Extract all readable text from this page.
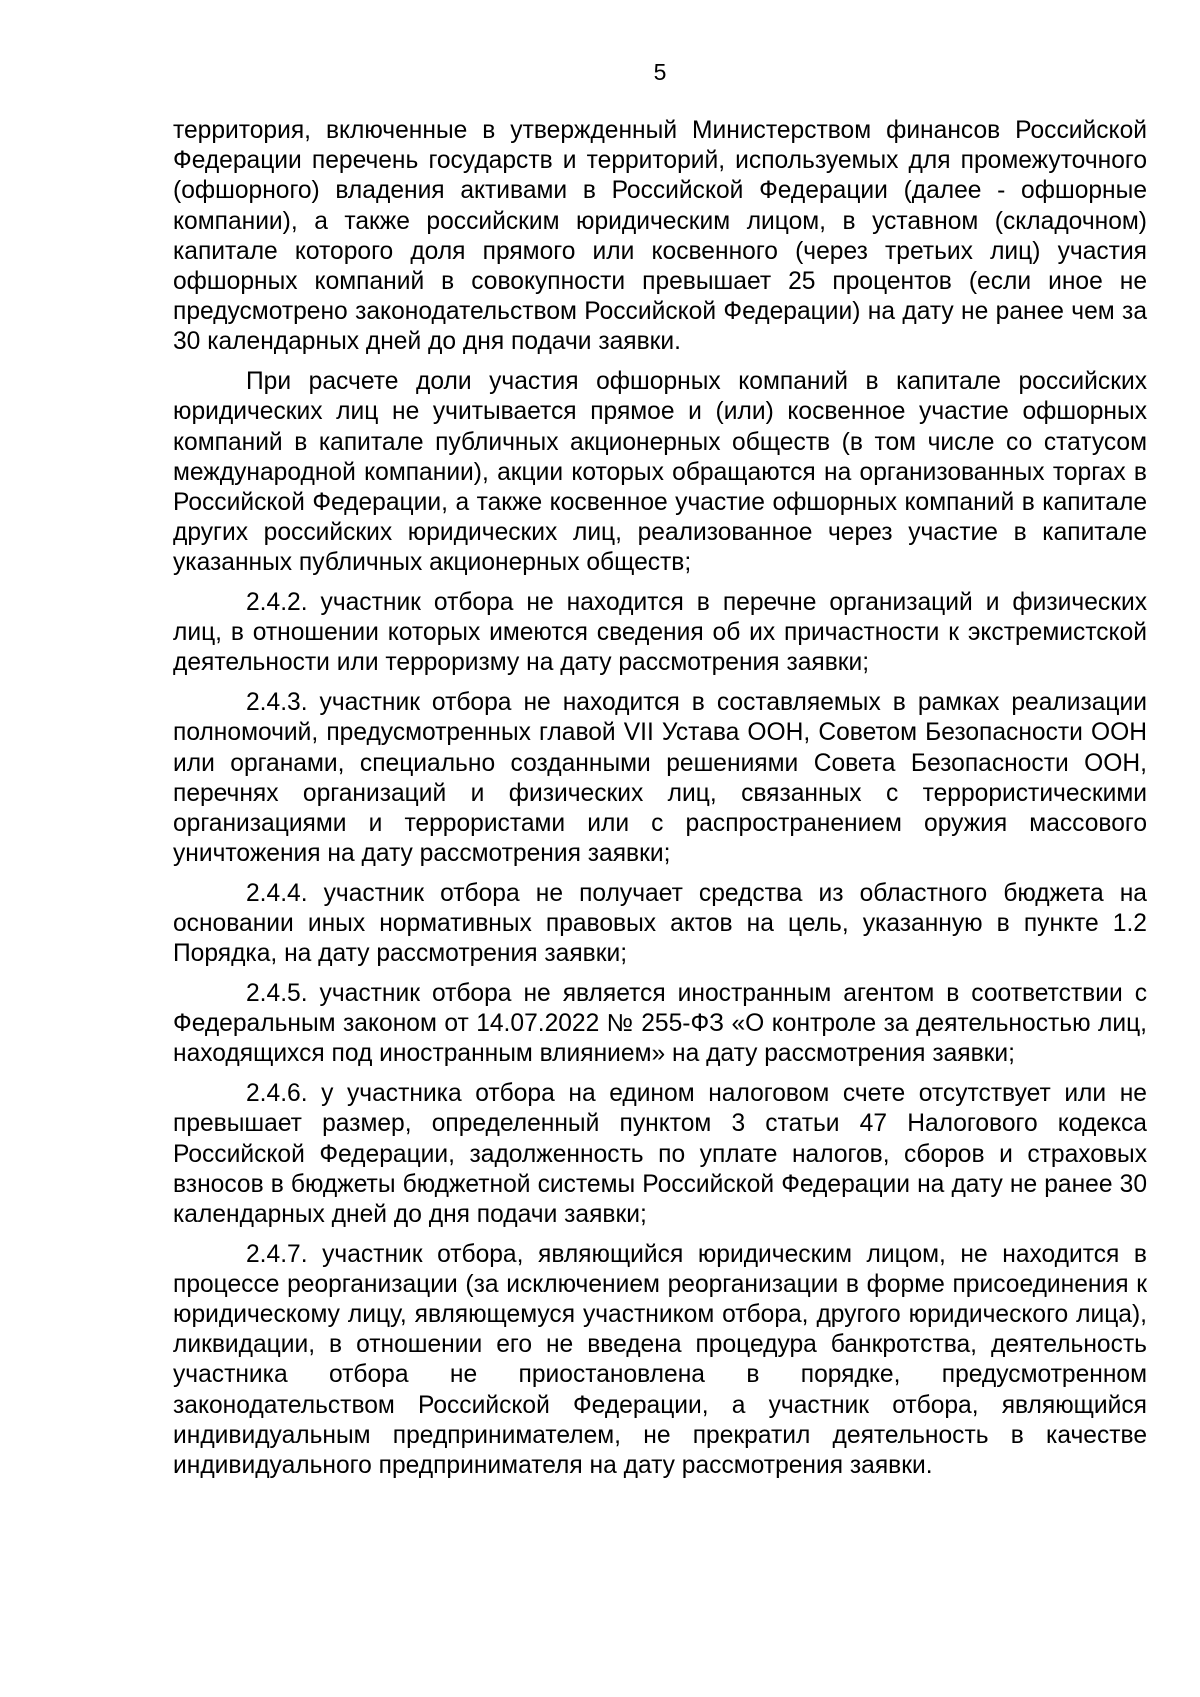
5

территория, включенные в утвержденный Министерством финансов Российской Федерации перечень государств и территорий, используемых для промежуточного (офшорного) владения активами в Российской Федерации (далее - офшорные компании), а также российским юридическим лицом, в уставном (складочном) капитале которого доля прямого или косвенного (через третьих лиц) участия офшорных компаний в совокупности превышает 25 процентов (если иное не предусмотрено законодательством Российской Федерации) на дату не ранее чем за 30 календарных дней до дня подачи заявки.

При расчете доли участия офшорных компаний в капитале российских юридических лиц не учитывается прямое и (или) косвенное участие офшорных компаний в капитале публичных акционерных обществ (в том числе со статусом международной компании), акции которых обращаются на организованных торгах в Российской Федерации, а также косвенное участие офшорных компаний в капитале других российских юридических лиц, реализованное через участие в капитале указанных публичных акционерных обществ;

2.4.2. участник отбора не находится в перечне организаций и физических лиц, в отношении которых имеются сведения об их причастности к экстремистской деятельности или терроризму на дату рассмотрения заявки;

2.4.3. участник отбора не находится в составляемых в рамках реализации полномочий, предусмотренных главой VII Устава ООН, Советом Безопасности ООН или органами, специально созданными решениями Совета Безопасности ООН, перечнях организаций и физических лиц, связанных с террористическими организациями и террористами или с распространением оружия массового уничтожения на дату рассмотрения заявки;

2.4.4. участник отбора не получает средства из областного бюджета на основании иных нормативных правовых актов на цель, указанную в пункте 1.2 Порядка, на дату рассмотрения заявки;

2.4.5. участник отбора не является иностранным агентом в соответствии с Федеральным законом от 14.07.2022 № 255-ФЗ «О контроле за деятельностью лиц, находящихся под иностранным влиянием» на дату рассмотрения заявки;

2.4.6. у участника отбора на едином налоговом счете отсутствует или не превышает размер, определенный пунктом 3 статьи 47 Налогового кодекса Российской Федерации, задолженность по уплате налогов, сборов и страховых взносов в бюджеты бюджетной системы Российской Федерации на дату не ранее 30 календарных дней до дня подачи заявки;

2.4.7. участник отбора, являющийся юридическим лицом, не находится в процессе реорганизации (за исключением реорганизации в форме присоединения к юридическому лицу, являющемуся участником отбора, другого юридического лица), ликвидации, в отношении его не введена процедура банкротства, деятельность участника отбора не приостановлена в порядке, предусмотренном законодательством Российской Федерации, а участник отбора, являющийся индивидуальным предпринимателем, не прекратил деятельность в качестве индивидуального предпринимателя на дату рассмотрения заявки.
